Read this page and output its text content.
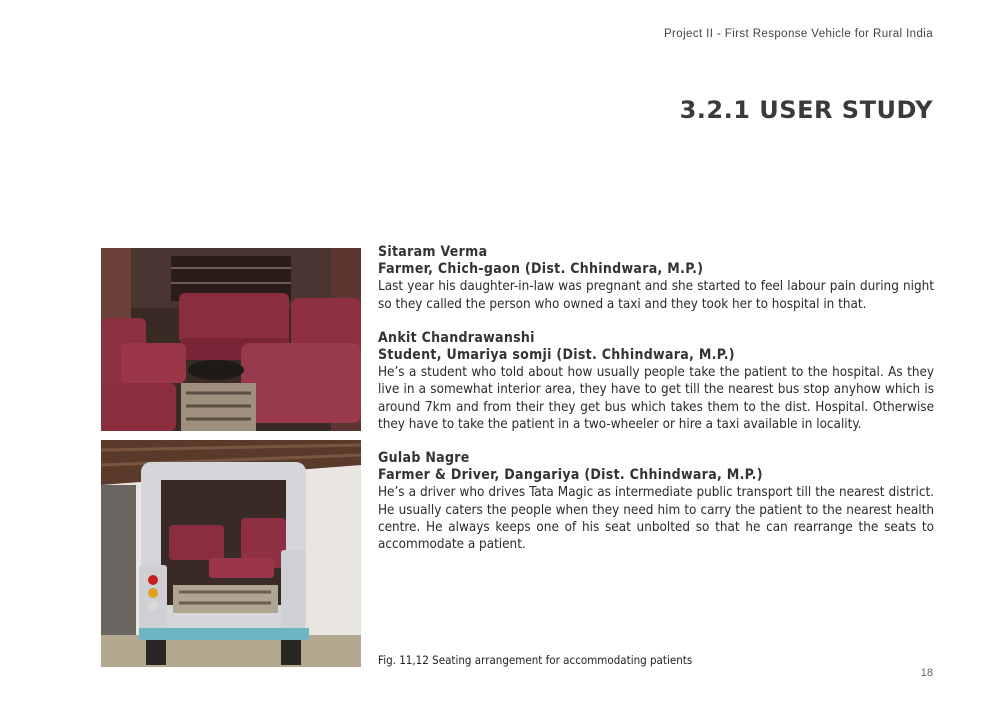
Project II - First Response Vehicle for Rural India
3.2.1 USER STUDY
Sitaram Verma
Farmer, Chich-gaon (Dist. Chhindwara, M.P.)
Last year his daughter-in-law was pregnant and she started to feel labour pain during night so they called the person who owned a taxi and they took her to hospital in that.
Ankit Chandrawanshi
Student, Umariya somji (Dist. Chhindwara, M.P.)
He’s a student who told about how usually people take the patient to the hospital. As they live in a somewhat interior area, they have to get till the nearest bus stop anyhow which is around 7km and from their they get bus which takes them to the dist. Hospital. Otherwise they have to take the patient in a two-wheeler or hire a taxi available in locality.
Gulab Nagre
Farmer & Driver, Dangariya (Dist. Chhindwara, M.P.)
He’s a driver who drives Tata Magic as intermediate public transport till the nearest district. He usually caters the people when they need him to carry the patient to the nearest health centre. He always keeps one of his seat unbolted so that he can rearrange the seats to accommodate a patient.
Fig. 11,12 Seating arrangement for accommodating patients
18
